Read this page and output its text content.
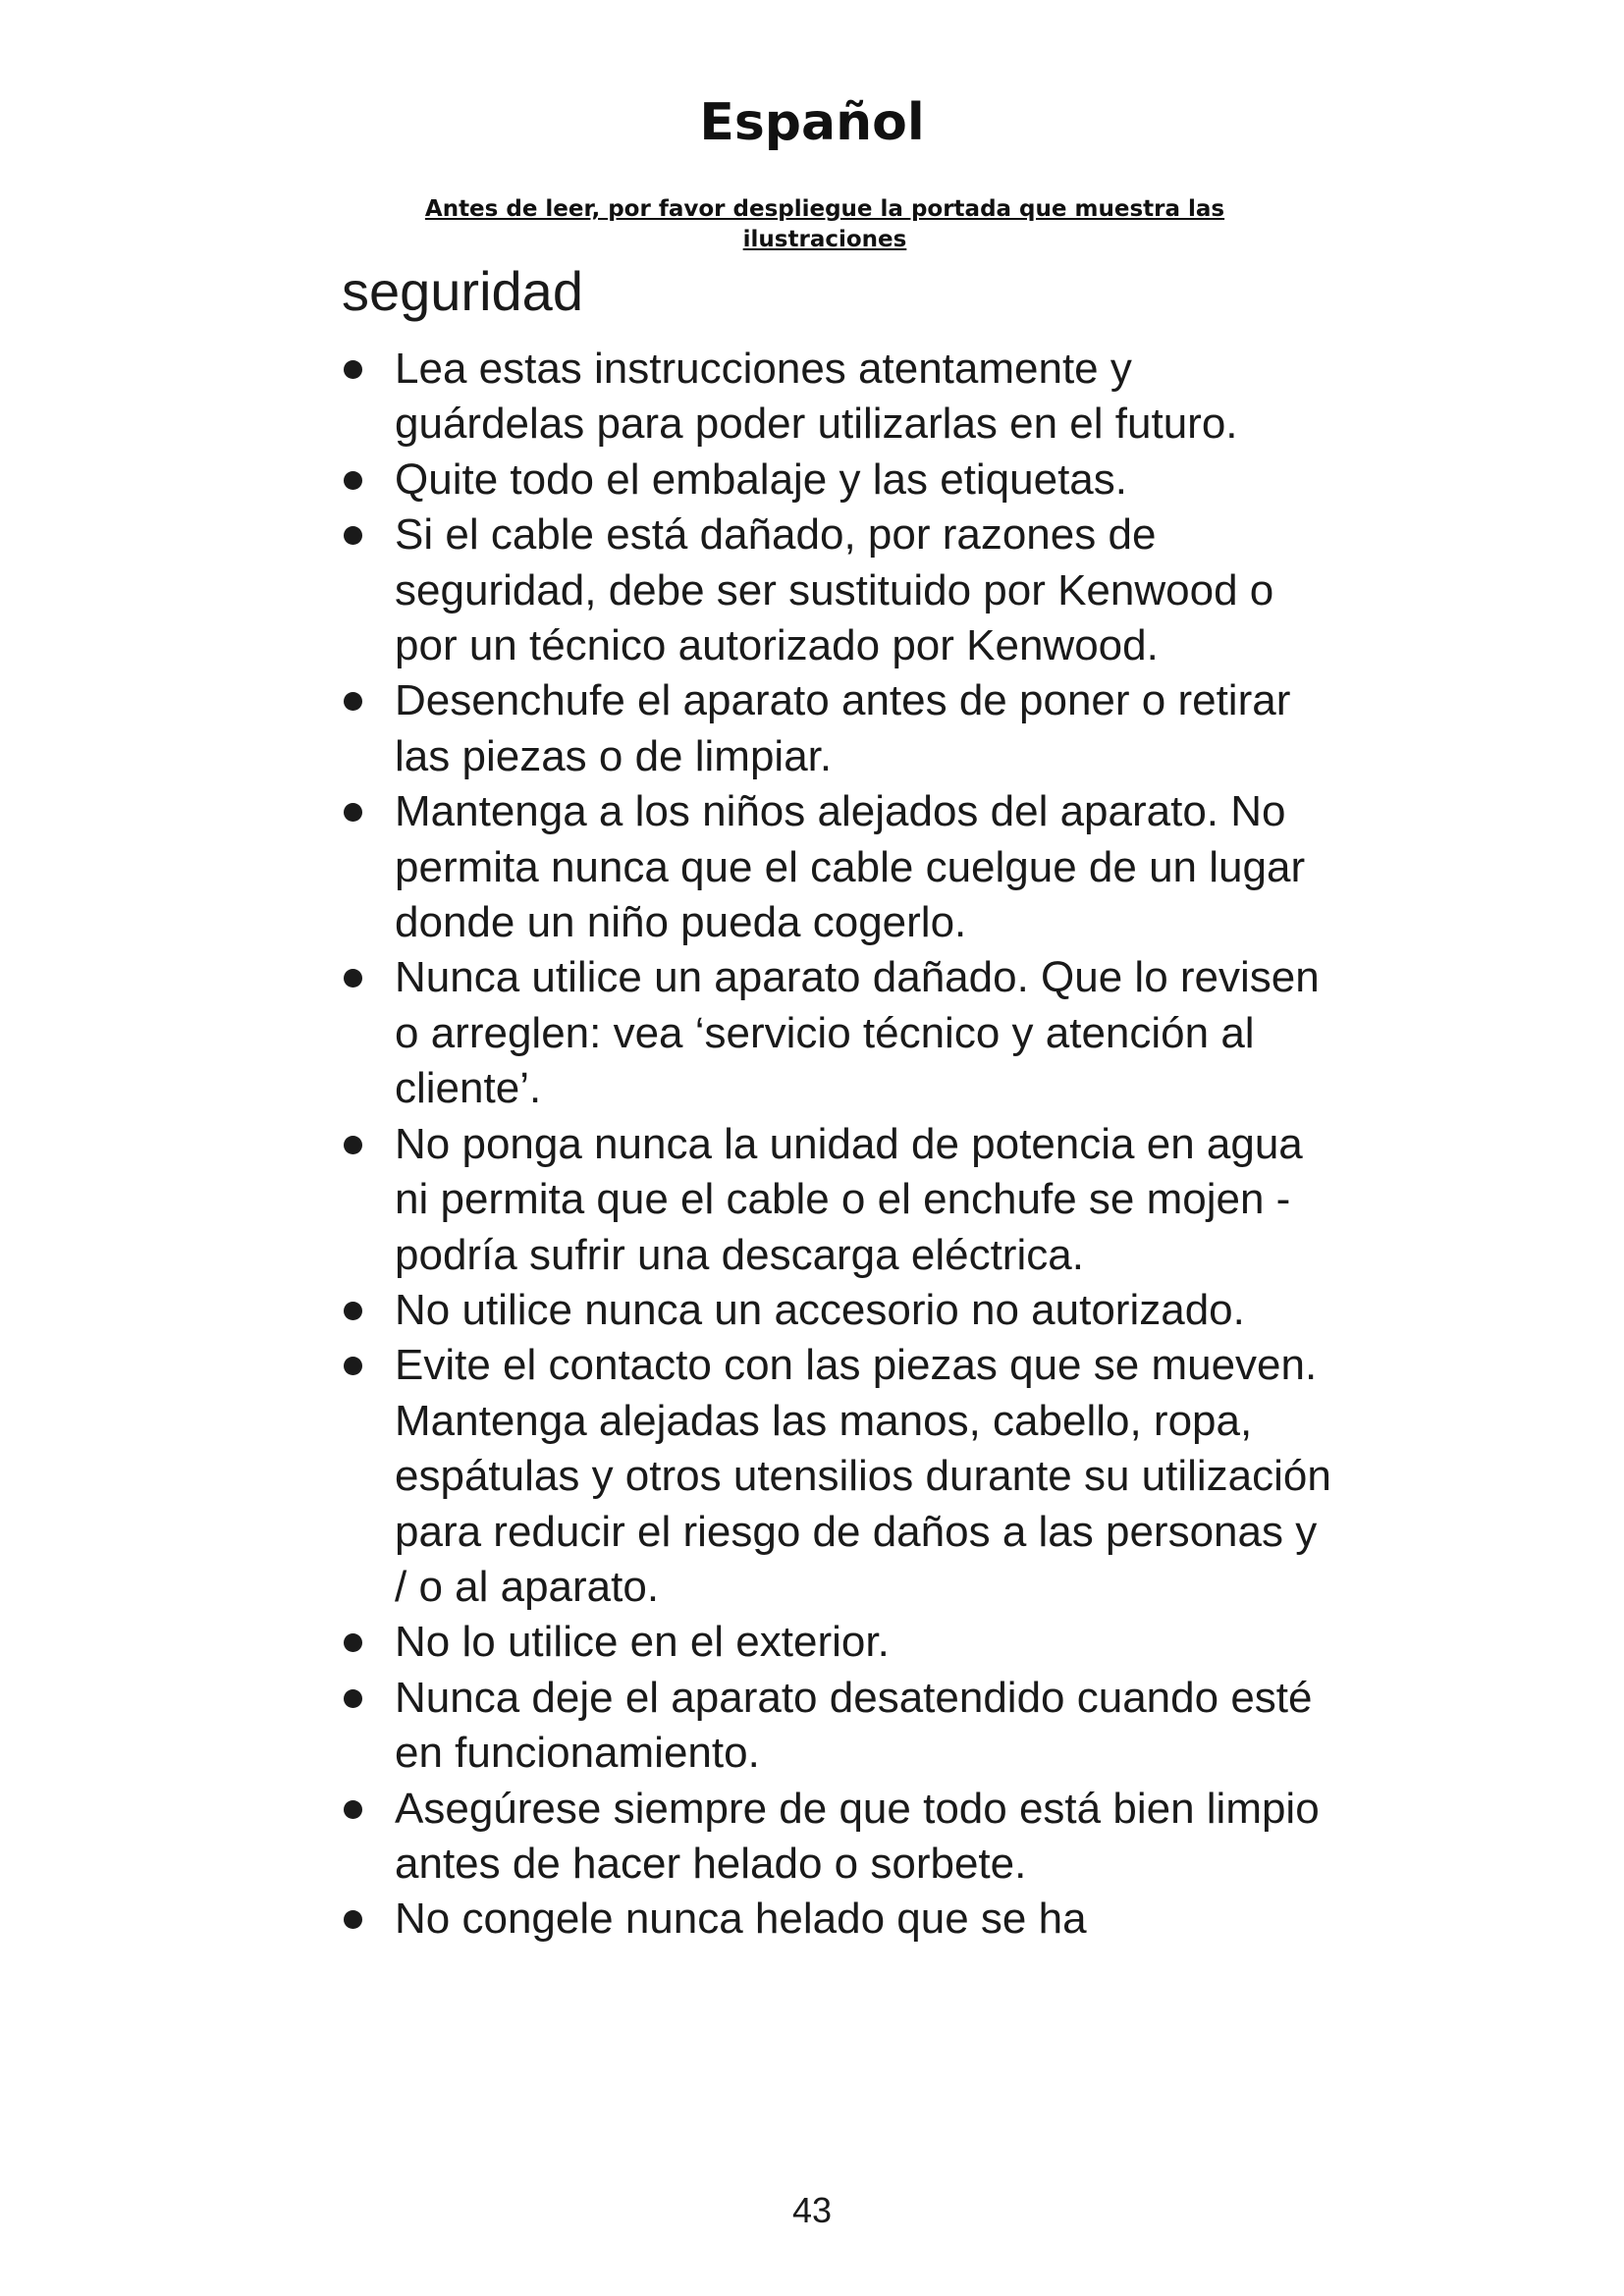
Español

Antes de leer, por favor despliegue la portada que muestra las ilustraciones

seguridad
Lea estas instrucciones atentamente y guárdelas para poder utilizarlas en el futuro.
Quite todo el embalaje y las etiquetas.
Si el cable está dañado, por razones de seguridad, debe ser sustituido por Kenwood o por un técnico autorizado por Kenwood.
Desenchufe el aparato antes de poner o retirar las piezas o de limpiar.
Mantenga a los niños alejados del aparato. No permita nunca que el cable cuelgue de un lugar donde un niño pueda cogerlo.
Nunca utilice un aparato dañado. Que lo revisen o arreglen: vea ‘servicio técnico y atención al cliente’.
No ponga nunca la unidad de potencia en agua ni permita que el cable o el enchufe se mojen - podría sufrir una descarga eléctrica.
No utilice nunca un accesorio no autorizado.
Evite el contacto con las piezas que se mueven. Mantenga alejadas las manos, cabello, ropa, espátulas y otros utensilios durante su utilización para reducir el riesgo de daños a las personas y / o al aparato.
No lo utilice en el exterior.
Nunca deje el aparato desatendido cuando esté en funcionamiento.
Asegúrese siempre de que todo está bien limpio antes de hacer helado o sorbete.
No congele nunca helado que se ha
43
